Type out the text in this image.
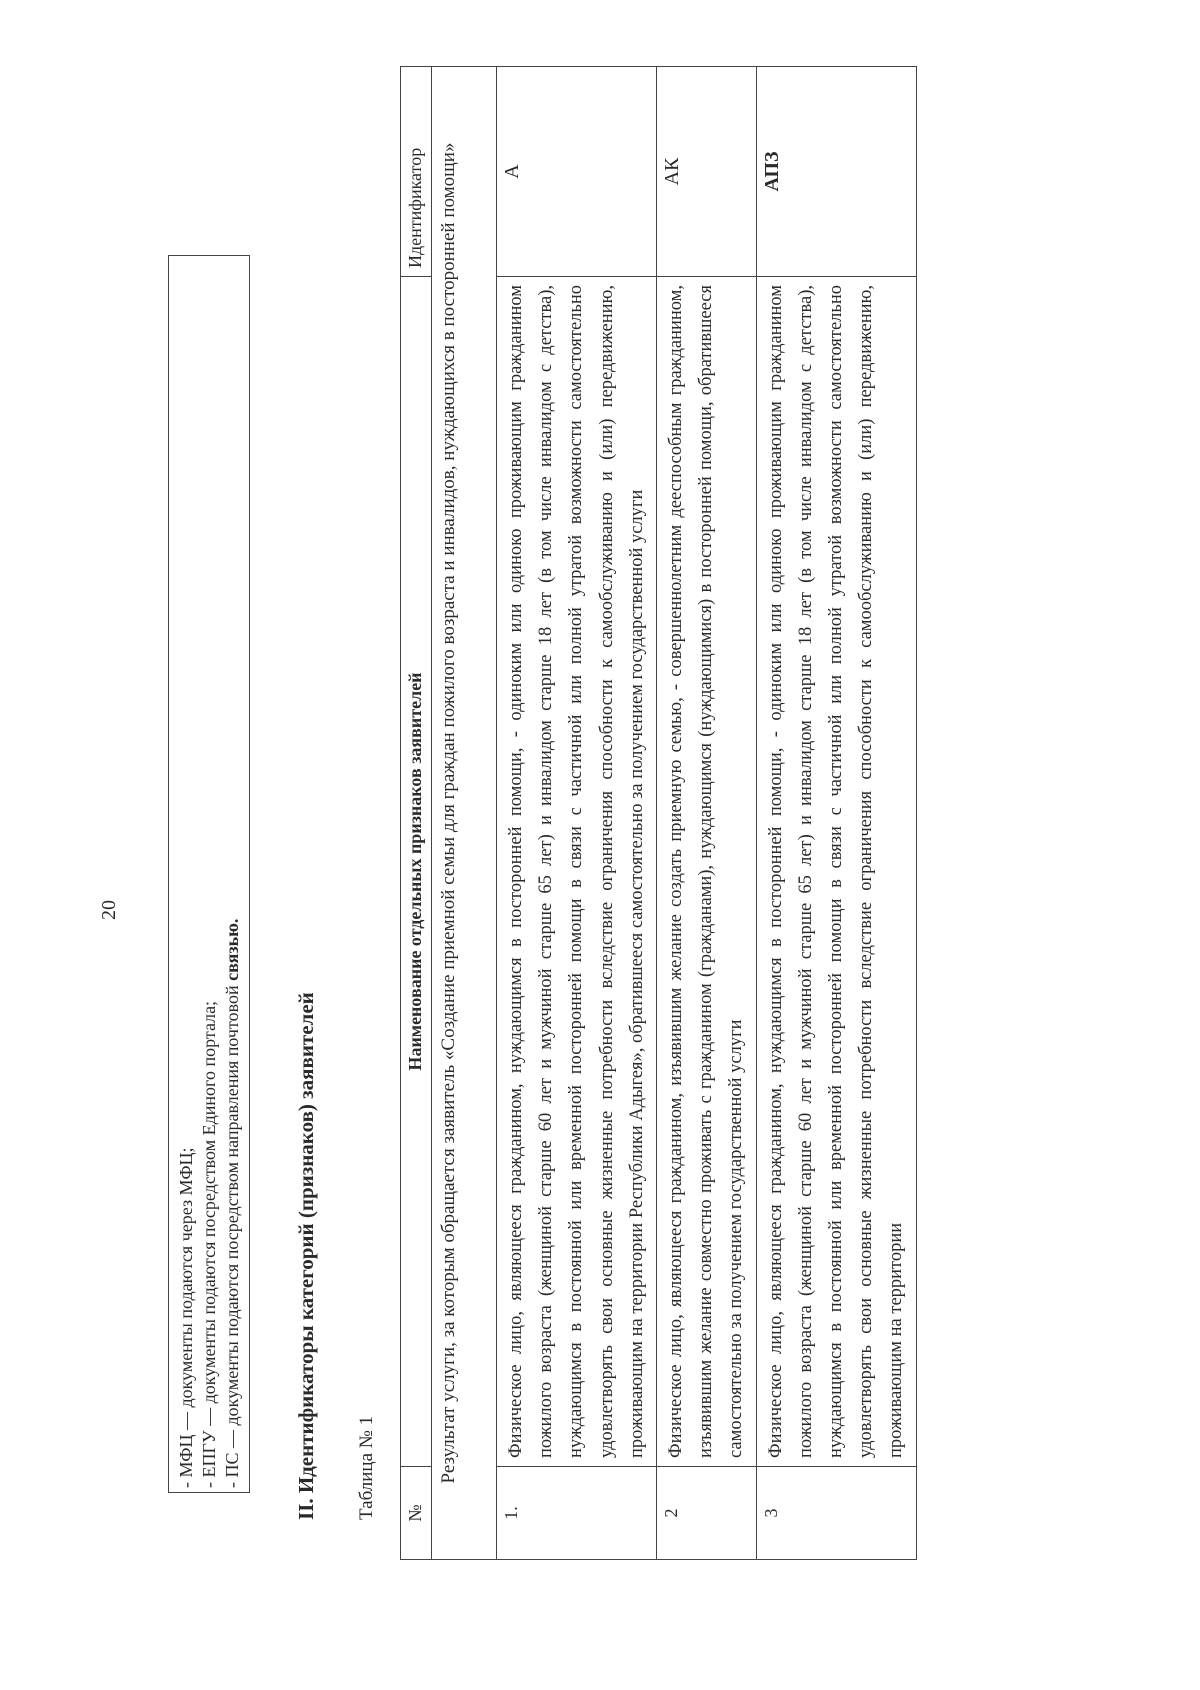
20
- МФЦ — документы подаются через МФЦ; - ЕПГУ — документы подаются посредством Единого портала; - ПС — документы подаются посредством направления почтовой связью.
II. Идентификаторы категорий (признаков) заявителей Таблица № 1 №	Наименование отдельных признаков заявителей	Идентификатор
Результат услуги, за которым обращается заявитель «Создание приемной семьи для граждан пожилого возраста и инвалидов, нуждающихся в посторонней помощи»		
1.	Физическое лицо, являющееся гражданином, нуждающимся в посторонней помощи, - одиноким или одиноко проживающим гражданином пожилого возраста (женщиной старше 60 лет и мужчиной старше 65 лет) и инвалидом старше 18 лет (в том числе инвалидом с детства), нуждающимся в постоянной или временной посторонней помощи в связи с частичной или полной утратой возможности самостоятельно удовлетворять свои основные жизненные потребности вследствие ограничения способности к самообслуживанию и (или) передвижению, проживающим на территории Республики Адыгея», обратившееся самостоятельно за получением государственной услуги	А
2	Физическое лицо, являющееся гражданином, изъявившим желание создать приемную семью, - совершеннолетним дееспособным гражданином, изъявившим желание совместно проживать с гражданином (гражданами), нуждающимся (нуждающимися) в посторонней помощи, обратившееся самостоятельно за получением государственной услуги	АК
3	Физическое лицо, являющееся гражданином, нуждающимся в посторонней помощи, - одиноким или одиноко проживающим гражданином пожилого возраста (женщиной старше 60 лет и мужчиной старше 65 лет) и инвалидом старше 18 лет (в том числе инвалидом с детства), нуждающимся в постоянной или временной посторонней помощи в связи с частичной или полной утратой возможности самостоятельно удовлетворять свои основные жизненные потребности вследствие ограничения способности к самообслуживанию и (или) передвижению, проживающим на территории	АПЗ
